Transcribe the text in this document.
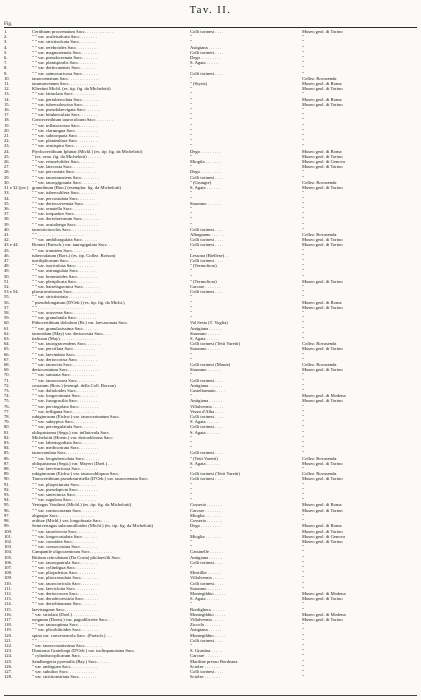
Tav. II.
Fig.
1.	Cerithium procrenatum Sacc. . . . . . . . . . . . .	Colli torinesi . . . .	Museo geol. di Torino
2.	" " var. aculeisulcata Sacc. . . . . . . .	"	"
3.	" " var. strictisulcata Sacc. . . . . . . .	"	"
4.	" " var. terebroides Sacc. . . . . . . . .	Astigiana . . . . . .	"
5.	" " var. magnoatenuis Sacc. . . . . . . .	Colli torinesi . . . .	"
6.	" " var. pseudocrenata Sacc. . . . . . .	Dego . . . . . . . . .	"
7.	" " var. planispiralis Sacc. . . . . . . .	S. Agata . . . . . .	"
8.	" " var. derticonensis Sacc. . . . . . .	"	"
9.	" " var. saimovaricosa Sacc. . . . . . .	Colli torinesi . . . .	"
10.	taurocrenatum Sacc. . . . . . . . . . . . . .	"	Collez. Rovasenda
11.	taurmarvenum Sacc. . . . . . . . . . . . . .	" (Stysts)	Museo geol. di Roma
12.	Kliestini Michl. (es. tip. fig. da Michelotti)	"	Museo geol. di Torino
13.	" " var. latiuclata Sacc. . . . . . . . . .	"	"
14.	" " var. pertubercolata Sacc. . . . . . . .	"	Museo geol. di Roma
15.	" " var. tuberculoscina Sacc. . . . . . .	"	Museo geol. di Torino
16.	" " var. pseudolaevigata Sacc. . . . . . .	"	"
17.	" " var. bituberculata Sacc. . . . . . . .	"	"
18.	Concecerithium taurocoloum Sacc. . . . . . . .	"	"
19.	" " var. inflatocrosea Sacc. . . . . . . .	"	"
20.	" " var. clarumgua Sacc. . . . . . . . . .	"	"
21.	" " var. subtorquata Sacc. . . . . . . . . .	"	"
22.	" " var. planiealtara Sacc. . . . . . . . .	"	"
23.	" " var. acutispira Sacc. . . . . . . . . .	"	"
24.	Ptychocerithium Iphinai (Michl.) (es. tip. fig. da Michelotti)	Dego . . . . . . . . .	Museo geol. di Roma
25.	" (es. orna. fig. da Michelotti) . . . . . .	"	Museo geol. di Torino
26.	" " var. retusefolides Sacc. . . . . . . .	Miogila . . . . . . .	Museo geol. di Genova
27.	" " var. latecosta Sacc. . . . . . . . . .	"	Museo geol. di Torino
28.	" " var. percostata Sacc. . . . . . . . . .	Dego . . . . . . . . .	"
29.	" " var. taurotransiens Sacc. . . . . . . .	Colli torinesi . . . .	"
30.	" " var. taurogigounia Sacc. . . . . . . .	" (Grungie)	Collez. Rovasenda
31 e 32 (jov.) granulinum (Bon.) (esemplar. fig. da Michelotti)	S. Agata . . . . . .	Museo geol. di Torino
33.	" " var. tuberculifera Sacc. . . . . . . .	"	"
34.	" " var. percostulata Sacc. . . . . . . .	"	"
35.	" " var. dertocorvenata Sacc. . . . . . .	Stazzano . . . . . .	"
36.	" " var. ornatella Sacc. . . . . . . . . .	"	"
37.	" " var. torquatior Sacc. . . . . . . . . .	"	"
38.	" " var. dertolaevatum Sacc. . . . . . . .	"	"
39.	" " var. acutalonga Sacc. . . . . . . . . .	"	"
40.	taurotriciocolos Sacc. . . . . . . . . . . . .	Colli torinesi . . . .	"
41.	" " . . . . . . . . . . . . . . . . . . . .	Albugnano . . . . . .	Collez. Rovasenda
42.	" " var. ambiliragulata Sacc. . . . . . .	Colli torinesi . . . .	Museo geol. di Torino
43 e 44.	Bronni (Partsch.) var. taurogigulata Sacc. . .	Colli torinesi . . . .	Museo geol. di Torino
45.	" " var. transiens Sacc. . . . . . . . . .	"	"
46.	tuberculatum (Bors.) (es. tip. Collez. Borson)	Lessona (Biellese) . .	"
47.	turriliplicatum Sacc. . . . . . . . . . . . .	Colli torinesi . . . .	"
48.	" " var. turriculosa Sacc. . . . . . . .	" (Termofiora)	"
49.	" " var. astrangulata Sacc. . . . . . . .	"	"
50.	" " var. bronnioides Sacc. . . . . . . . .	"	"
51.	" " var. pleriplicata Sacc. . . . . . . .	" (Termofiora)	Museo geol. di Torino
52.	" " var. haiselagoonica Sacc. . . . . . .	Carcare . . . . . . .	"
53 e 54.	pliostravatissum Sacc. . . . . . . . . . . . .	Colli torinesi . . . .	"
55.	" " var. strictistriata . . . . . . . . . .	"	"
56.	" pseudolongatum (D'Orb.) (es. tip. fig. da Micht.)	"	Museo geol. di Roma
57.	" " . . . . . . . . . . . . . . . . . . . .	"	Museo geol. di Torino
58.	" " var. acusveza Sacc. . . . . . . . . . .	"	"
59.	" " var. granulatula Sacc. . . . . . . . .	"	"
60.	Pithocerithium doliolum (Br.) var. laevasonata Sacc.	Val Sesia (T. Voglia)	"
61.	" " var. granulosissima Sacc. . . . . . .	Antigiana . . . . . .	"
62.	taurosdum (May) var. dertocostia Sacc. . . .	Stazzano . . . . . .	"
63.	italicum (May). . . . . . . . . . . . . . . .	S. Agata . . . . . .	"
64.	" " var. taurogracendens Sacc. . . . . . .	Colli torinesi (Tetti Varetti)	Collez. Rovasenda
65.	" " var. perciflata Sacc. . . . . . . . . .	Stazzano . . . . . .	Museo geol. di Torino
66.	" " var. laevindata Sacc. . . . . . . . . .	"	"
67.	" " var. dertocorosa Sacc. . . . . . . . .	"	"
68.	" " var. taurocita Sacc. . . . . . . . . .	Colli torinesi (Monte)	Collez. Rovasenda
69.	dertocostatum Sacc. . . . . . . . . . . . . .	Stazzano . . . . . .	Museo geol. di Torino
70.	" " var. suturata Sacc. . . . . . . . . . .	"	"
71.	" " var. taurocrosea Sacc. . . . . . . . .	Colli torinesi . . . .	"
72.	costatum (Bors.) (esempl. della Coll. Borson)	Antigiana . . . . . .	"
73.	" " var. dalioloides Sacc. . . . . . . . .	Castellarmato . . . .	"
74.	" " var. longocrtniuta Sacc. . . . . . . .	"	Museo geol. di Modena
75.	" " var. fusogracilia Sacc. . . . . . . . .	Antigiana . . . . . .	Museo geol. di Torino
76.	" " var. percingolata Sacc. . . . . . . . .	Villalvernia . . . . .	"
77.	" " var. infligana Sacc. . . . . . . . . .	Vezza d'Alba . . . .	"
78.	rubiginosum (Eichw.) var. taurocarinatum Sacc.	Colli torinesi . . . .	"
79.	" " var. subtypica Sacc. . . . . . . . . .	S. Agata . . . . . .	"
80.	" " var. percingulatula Sacc. . . . . . .	Colli torinesi . . . .	"
81.	obliquistoma (Segu.) var. inflatovala Sacc.	S. Agata . . . . . .	"
82.	Micheloitti (Hoern.) var. dertoobloona Sacc.	"	"
83.	" " var. laberisgodiata Sacc. . . . . . .	"	"
84.	" " var. medicortrata Sacc. . . . . . . . .	"	"
85.	taurovatulata Sacc. . . . . . . . . . . . . .	Colli torinesi . . . .	"
86.	" " var. leogtubercolata Sacc. . . . . . .	" (Tetti Varetti)	Collez. Rovasenda
87.	obliquistoma (Segu.) var. Mayeri (Doel.) . .	S. Agata . . . . . .	Museo geol. di Torino
88.	" " var. laevivaricosa Sacc. . . . . . . .	"	"
89.	rubiginosum (Eichw.) var. taurocobliquoa Sacc.	Colli torinesi (Tetti Varetti)	Collez. Rovasenda
90.	Tiarocerithium pseudoturritella (D'Orb.) var. taurocrenata Sacc.	Colli torinesi . . . .	Museo geol. di Torino
91.	" " var. pliopicturata Sacc. . . . . . . .	"	"
92.	" " var. pseudopicta Sacc. . . . . . . . .	"	"
93.	" " var. sintecincta Sacc. . . . . . . . .	"	"
94.	" " var. rugulosa Sacc. . . . . . . . . . .	"	"
95.	Vertagus Vouthosi (Michl.) (es. tip. fig. da Michelotti)	Cosseria . . . . . . .	Museo geol. di Roma
96.	" " var. coniocostanta Sacc. . . . . . . .	Carcare . . . . . . .	Museo geol. di Torino
97.	aliguajar Sacc. . . . . . . . . . . . . . . .	Mioglia . . . . . . .	"
98.	orditae (Michl.) var. longofusata Sacc. . . .	Cosseria . . . . . . .	"
99.	Semivertagus subcancalloides (Michl.) (es. tip. fig. da Michelotti)	Dego . . . . . . . . .	Museo geol. di Roma
100.	" " var. taurolovoia Sacc. . . . . . . . .	"	Museo geol. di Torino
101.	" " var. longocostalata Sacc. . . . . . .	Mioglia . . . . . . .	Museo geol. di Genova
102.	" " var. conoidea Sacc. . . . . . . . . .	"	Museo geol. di Torino
103.	" " var. crassocostata Sacc. . . . . . . .	"	"
104.	Campanile oligocaenicum Sacc. . . . . . . . . .	Cassinelle . . . . . .	"
105.	Bittium reticulatum (Da Costa) pliolaevilli Sacc.	Antigiana . . . . . .	"
106.	" " var. tauroquatrula Sacc. . . . . . . .	Colli torinesi . . . .	"
107.	" " var. cylindrgua Sacc. . . . . . . . .	"	"
108.	" " var. pliojadertus Sacc. . . . . . . .	Mostillia . . . . . .	"
109.	" " var. pliocrassulata Sacc. . . . . . . .	Villalvernia . . . . .	"
110.	" " var. taurocirricula Sacc. . . . . . . .	Colli torinesi . . . .	"
111.	" " var. laevicloita Sacc. . . . . . . . .	Stazzano . . . . . .	"
112.	" " var. dertocoscen Sacc. . . . . . . . .	Montegibbio . . . . .	Museo geol. di Modena
113.	" " var. derodecressirta Sacc. . . . . . .	S. Agata . . . . . .	Museo geol. di Torino
114.	" " var. dertobitaurata Sacc. . . . . . .	"	"
115.	laevistagnae Sacc. . . . . . . . . . . . . . .	Bordighera . . . . . .	"
116.	" var. striolata (Doel.) . . . . . . . . . .	Montegibbio . . . . .	Museo geol. di Modena
117.	exignum (Doent.) var. pagodilicrete Sacc. . .	Villalvernia . . . . .	Museo geol. di Torino
118.	" " var. taurooptima Sacc. . . . . . . . .	Ziccola . . . . . . .	"
119.	" " var. plicobilioides Sacc. . . . . . . .	Astigiana . . . . . .	"
120.	spina var. convexeurola Sacc. (Partsch.) . . .	Montegibbio . . . . .	"
121.	" " . . . . . . . . . . . . . . . . . . . .	Colli torinesi . . . .	"
122.	" var. taurocostatissima Sacc. . . . . . . .	"	"
123.	Diastoma Grateloupi (D'Orb.) var. inclinpanoisina Sacc.	S. Giustina . . . . .	"
124.	" cylindracoplicatum Sacc. . . . . . . . . .	Carcare . . . . . . .	"
125.	Sandbergeria pyrenulla (Bay.) Sacc. . . . . .	Martline presso Bordeaux	"
126.	" var. ambiguea Sacc. . . . . . . . . . . .	Sciolze . . . . . . .	"
127.	" var. subulior Sacc. . . . . . . . . . . .	Colli torinesi . . . .	"
128.	" var. strictionstriata Sacc. . . . . . . .	Sciolze . . . . . . .	"
